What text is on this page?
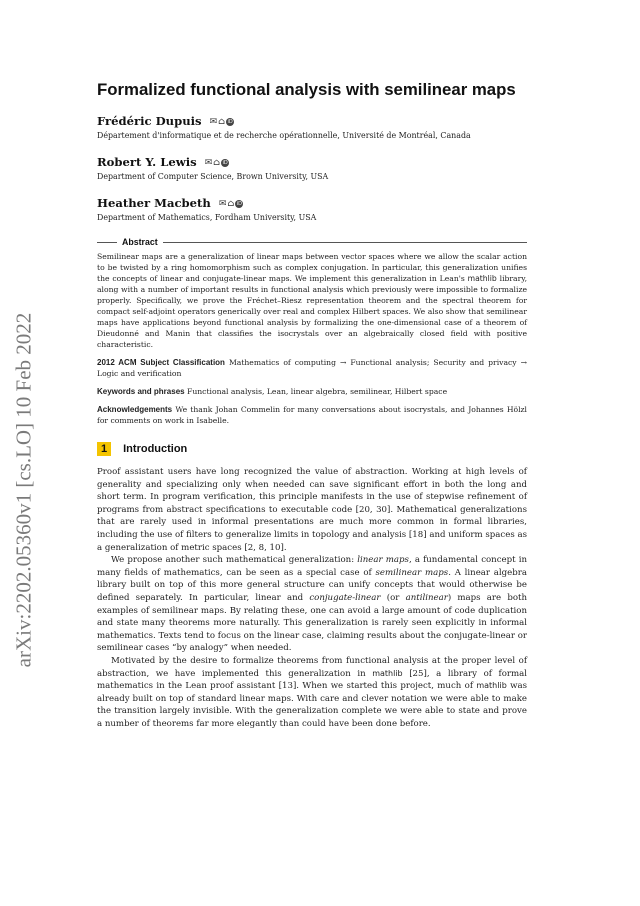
arXiv:2202.05360v1 [cs.LO] 10 Feb 2022
Formalized functional analysis with semilinear maps
Frédéric Dupuis ✉⌂ iD
Département d'informatique et de recherche opérationnelle, Université de Montréal, Canada
Robert Y. Lewis ✉⌂ iD
Department of Computer Science, Brown University, USA
Heather Macbeth ✉⌂ iD
Department of Mathematics, Fordham University, USA
Abstract
Semilinear maps are a generalization of linear maps between vector spaces where we allow the scalar action to be twisted by a ring homomorphism such as complex conjugation. In particular, this generalization unifies the concepts of linear and conjugate-linear maps. We implement this generalization in Lean's mathlib library, along with a number of important results in functional analysis which previously were impossible to formalize properly. Specifically, we prove the Fréchet–Riesz representation theorem and the spectral theorem for compact self-adjoint operators generically over real and complex Hilbert spaces. We also show that semilinear maps have applications beyond functional analysis by formalizing the one-dimensional case of a theorem of Dieudonné and Manin that classifies the isocrystals over an algebraically closed field with positive characteristic.
2012 ACM Subject Classification Mathematics of computing → Functional analysis; Security and privacy → Logic and verification
Keywords and phrases Functional analysis, Lean, linear algebra, semilinear, Hilbert space
Acknowledgements We thank Johan Commelin for many conversations about isocrystals, and Johannes Hölzl for comments on work in Isabelle.
1	Introduction
Proof assistant users have long recognized the value of abstraction. Working at high levels of generality and specializing only when needed can save significant effort in both the long and short term. In program verification, this principle manifests in the use of stepwise refinement of programs from abstract specifications to executable code [20, 30]. Mathematical generalizations that are rarely used in informal presentations are much more common in formal libraries, including the use of filters to generalize limits in topology and analysis [18] and uniform spaces as a generalization of metric spaces [2, 8, 10].
We propose another such mathematical generalization: linear maps, a fundamental concept in many fields of mathematics, can be seen as a special case of semilinear maps. A linear algebra library built on top of this more general structure can unify concepts that would otherwise be defined separately. In particular, linear and conjugate-linear (or antilinear) maps are both examples of semilinear maps. By relating these, one can avoid a large amount of code duplication and state many theorems more naturally. This generalization is rarely seen explicitly in informal mathematics. Texts tend to focus on the linear case, claiming results about the conjugate-linear or semilinear cases “by analogy” when needed.
Motivated by the desire to formalize theorems from functional analysis at the proper level of abstraction, we have implemented this generalization in mathlib [25], a library of formal mathematics in the Lean proof assistant [13]. When we started this project, much of mathlib was already built on top of standard linear maps. With care and clever notation we were able to make the transition largely invisible. With the generalization complete we were able to state and prove a number of theorems far more elegantly than could have been done before.
